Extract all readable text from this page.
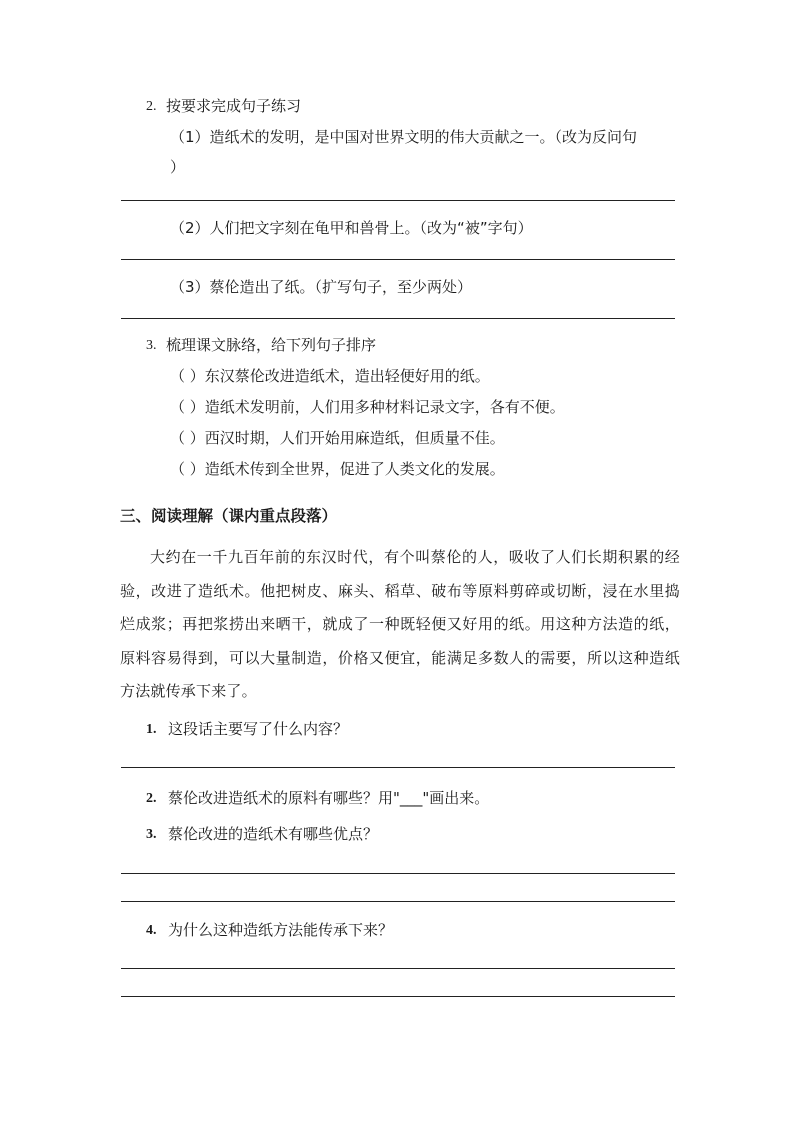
2. 按要求完成句子练习
（1）造纸术的发明，是中国对世界文明的伟大贡献之一。（改为反问句
）
（2）人们把文字刻在龟甲和兽骨上。（改为“被”字句）
（3）蔡伦造出了纸。（扩写句子，至少两处）
3. 梳理课文脉络，给下列句子排序
（ ）东汉蔡伦改进造纸术，造出轻便好用的纸。
（ ）造纸术发明前，人们用多种材料记录文字，各有不便。
（ ）西汉时期，人们开始用麻造纸，但质量不佳。
（ ）造纸术传到全世界，促进了人类文化的发展。
三、阅读理解（课内重点段落）
大约在一千九百年前的东汉时代，有个叫蔡伦的人，吸收了人们长期积累的经验，改进了造纸术。他把树皮、麻头、稻草、破布等原料剪碎或切断，浸在水里捣烂成浆；再把浆捞出来晒干，就成了一种既轻便又好用的纸。用这种方法造的纸，原料容易得到，可以大量制造，价格又便宜，能满足多数人的需要，所以这种造纸方法就传承下来了。
1. 这段话主要写了什么内容？
2. 蔡伦改进造纸术的原料有哪些？用"___"画出来。
3. 蔡伦改进的造纸术有哪些优点？
4. 为什么这种造纸方法能传承下来？
